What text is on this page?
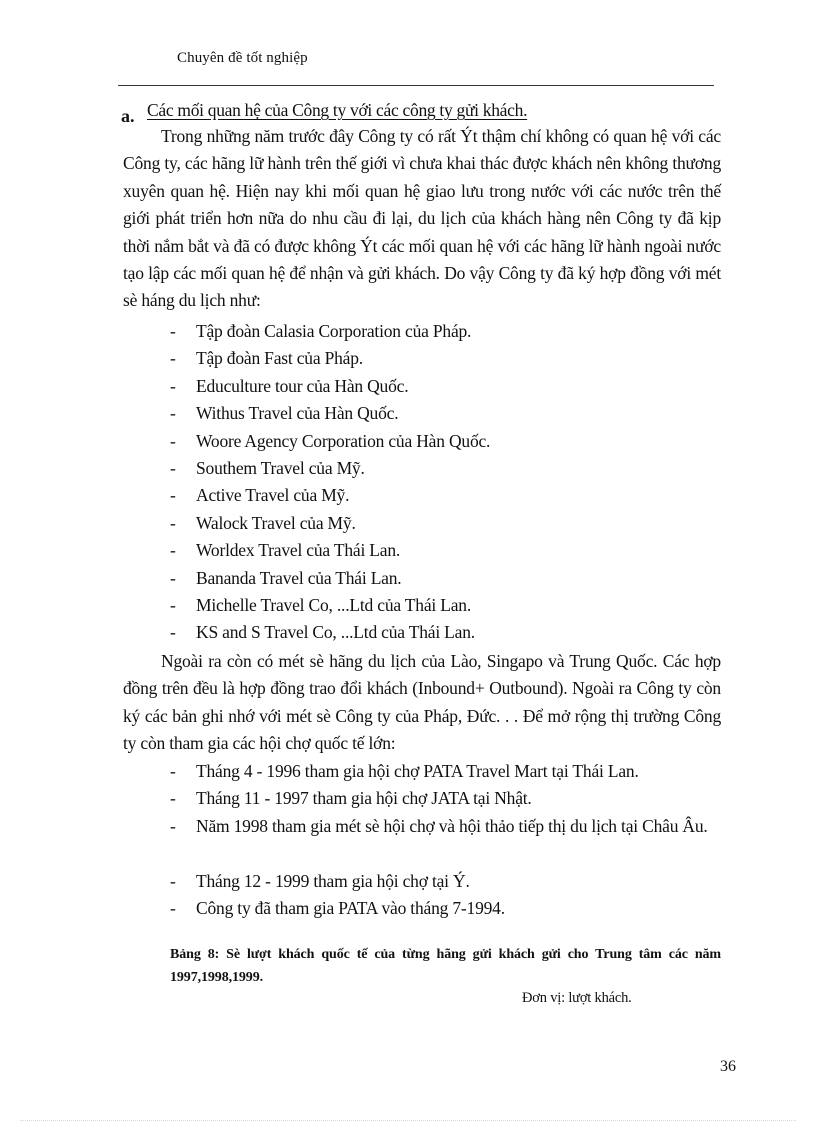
Chuyên đề tốt nghiệp
a. Các mối quan hệ của Công ty với các công ty gửi khách.

Trong những năm trước đây Công ty có rất Ýt thậm chí không có quan hệ với các Công ty, các hãng lữ hành trên thế giới vì chưa khai thác được khách nên không thương xuyên quan hệ. Hiện nay khi mối quan hệ giao lưu trong nước với các nước trên thế giới phát triển hơn nữa do nhu cầu đi lại, du lịch của khách hàng nên Công ty đã kịp thời nắm bắt và đã có được không Ýt các mối quan hệ với các hãng lữ hành ngoài nước tạo lập các mối quan hệ để nhận và gửi khách. Do vậy Công ty đã ký hợp đồng với mét sè háng du lịch như:

- Tập đoàn Calasia Corporation của Pháp.
- Tập đoàn Fast của Pháp.
- Educulture tour của Hàn Quốc.
- Withus Travel của Hàn Quốc.
- Woore Agency Corporation của Hàn Quốc.
- Southem Travel của Mỹ.
- Active Travel của Mỹ.
- Walock Travel của Mỹ.
- Worldex Travel của Thái Lan.
- Bananda Travel của Thái Lan.
- Michelle Travel Co, ...Ltd của Thái Lan.
- KS and S Travel Co, ...Ltd của Thái Lan.

Ngoài ra còn có mét sè hãng du lịch của Lào, Singapo và Trung Quốc. Các hợp đồng trên đều là hợp đồng trao đổi khách (Inbound+ Outbound). Ngoài ra Công ty còn ký các bản ghi nhớ với mét sè Công ty của Pháp, Đức. . . Để mở rộng thị trường Công ty còn tham gia các hội chợ quốc tế lớn:

- Tháng 4 - 1996 tham gia hội chợ PATA Travel Mart tại Thái Lan.
- Tháng 11 - 1997 tham gia hội chợ JATA tại Nhật.
- Năm 1998 tham gia mét sè hội chợ và hội thảo tiếp thị du lịch tại Châu Âu.
- Tháng 12 - 1999 tham gia hội chợ tại Ý.
- Công ty đã tham gia PATA vào tháng 7-1994.
Bảng 8: Sè lượt khách quốc tế của từng hãng gửi khách gửi cho Trung tâm các năm 1997,1998,1999.
Đơn vị: lượt khách.
36
